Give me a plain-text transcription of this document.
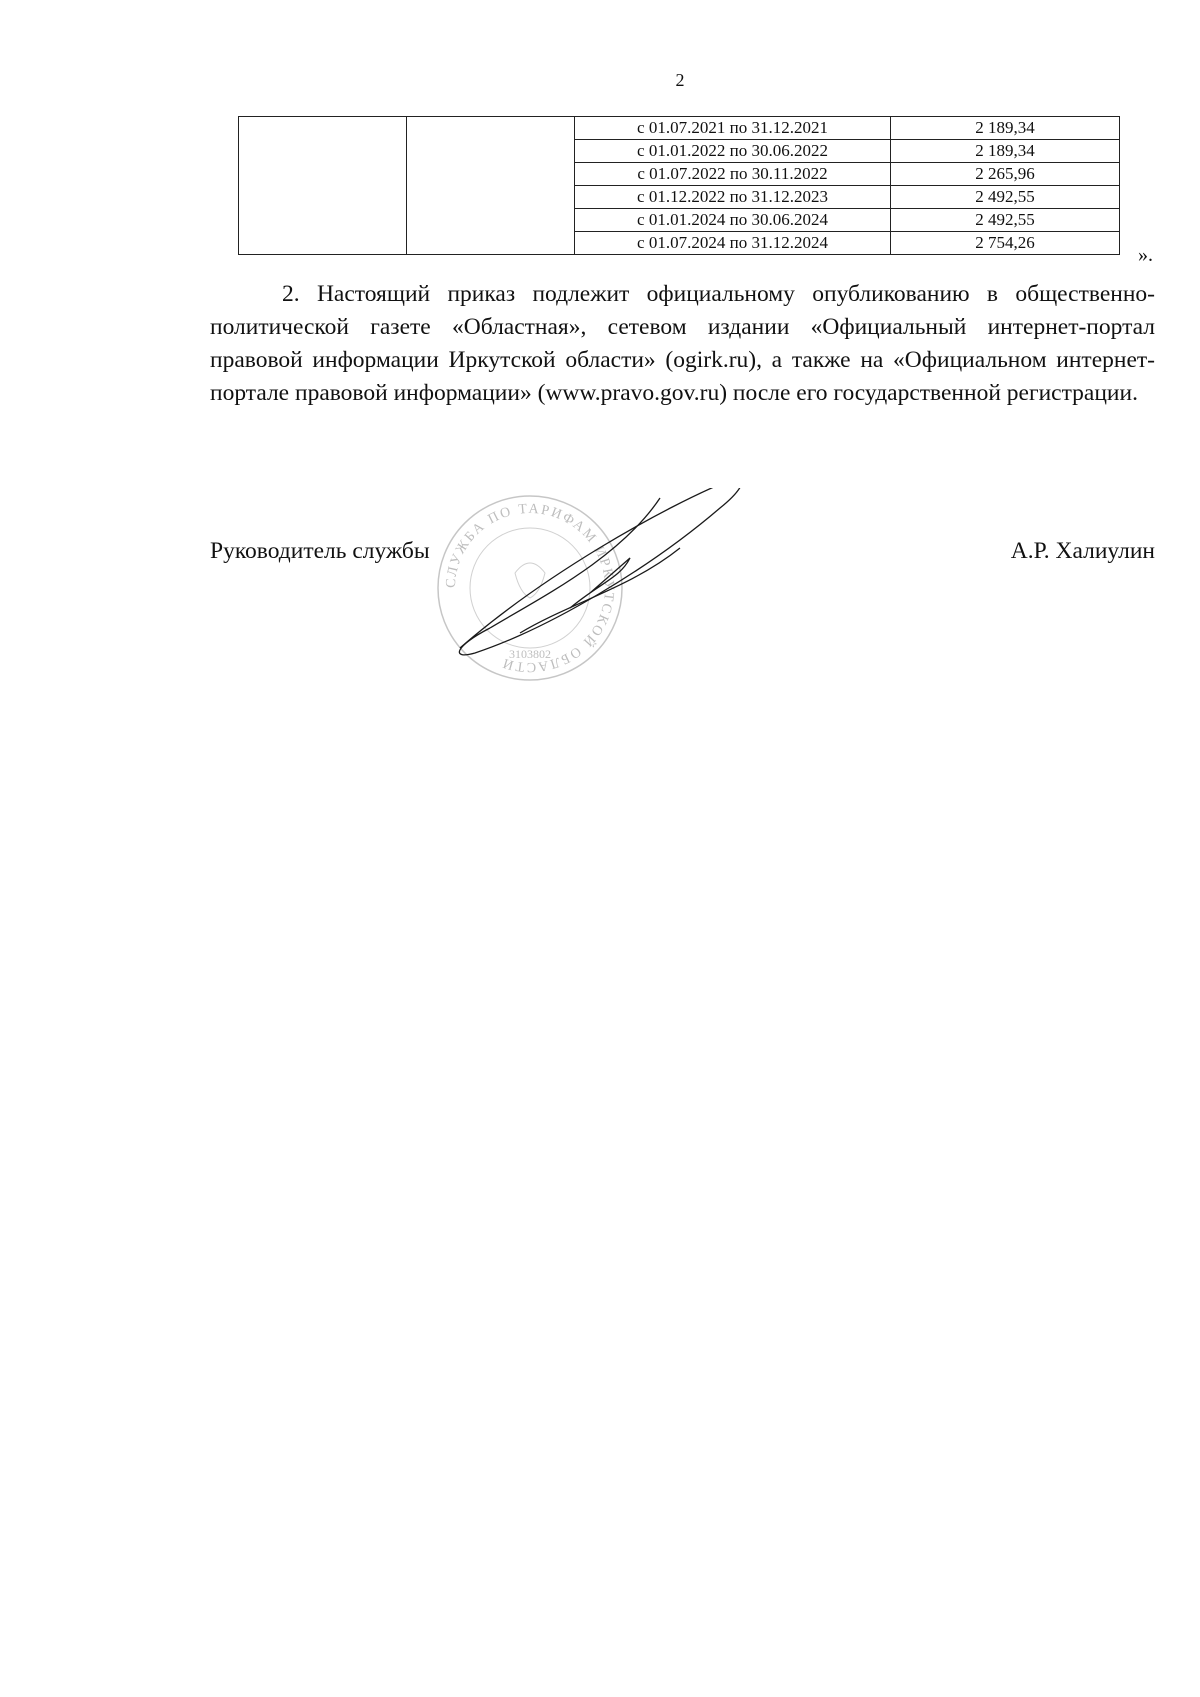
2
		с 01.07.2021 по 31.12.2021	2 189,34
		с 01.01.2022 по 30.06.2022	2 189,34
		с 01.07.2022 по 30.11.2022	2 265,96
		с 01.12.2022 по 31.12.2023	2 492,55
		с 01.01.2024 по 30.06.2024	2 492,55
		с 01.07.2024 по 31.12.2024	2 754,26
».

2. Настоящий приказ подлежит официальному опубликованию в общественно-политической газете «Областная», сетевом издании «Официальный интернет-портал правовой информации Иркутской области» (ogirk.ru), а также на «Официальном интернет-портале правовой информации» (www.pravo.gov.ru) после его государственной регистрации.

Руководитель службы	А.Р. Халиулин
СЛУЖБА ПО ТАРИФАМ ИРКУТСКОЙ ОБЛАСТИ
3103802
